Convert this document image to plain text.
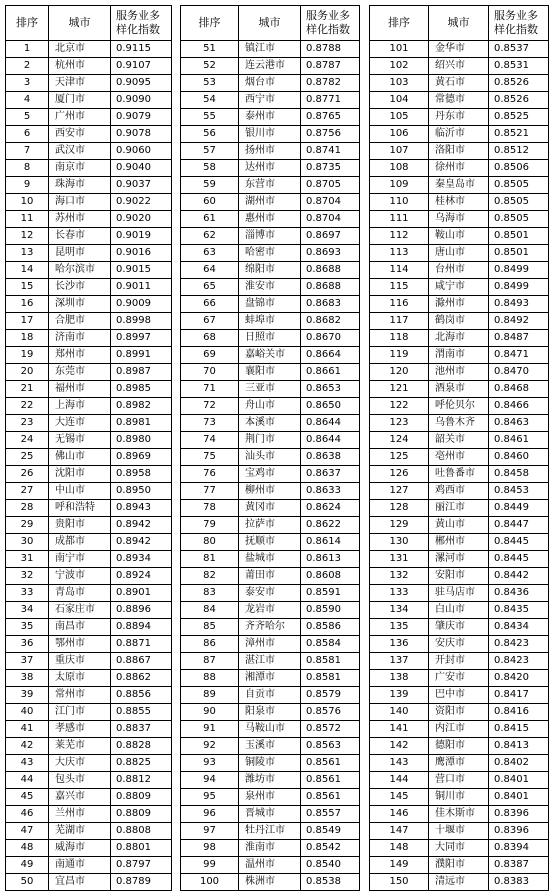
排序	城市	服务业多
样化指数
1	北京市	0.9115
2	杭州市	0.9107
3	天津市	0.9095
4	厦门市	0.9090
5	广州市	0.9079
6	西安市	0.9078
7	武汉市	0.9060
8	南京市	0.9040
9	珠海市	0.9037
10	海口市	0.9022
11	苏州市	0.9020
12	长春市	0.9019
13	昆明市	0.9016
14	哈尔滨市	0.9015
15	长沙市	0.9011
16	深圳市	0.9009
17	合肥市	0.8998
18	济南市	0.8997
19	郑州市	0.8991
20	东莞市	0.8987
21	福州市	0.8985
22	上海市	0.8982
23	大连市	0.8981
24	无锡市	0.8980
25	佛山市	0.8969
26	沈阳市	0.8958
27	中山市	0.8950
28	呼和浩特	0.8943
29	贵阳市	0.8942
30	成都市	0.8942
31	南宁市	0.8934
32	宁波市	0.8924
33	青岛市	0.8901
34	石家庄市	0.8896
35	南昌市	0.8894
36	鄂州市	0.8871
37	重庆市	0.8867
38	太原市	0.8862
39	常州市	0.8856
40	江门市	0.8855
41	孝感市	0.8837
42	莱芜市	0.8828
43	大庆市	0.8825
44	包头市	0.8812
45	嘉兴市	0.8809
46	兰州市	0.8809
47	芜湖市	0.8808
48	威海市	0.8801
49	南通市	0.8797
50	宜昌市	0.8789
排序	城市	服务业多
样化指数
51	镇江市	0.8788
52	连云港市	0.8787
53	烟台市	0.8782
54	西宁市	0.8771
55	泰州市	0.8765
56	银川市	0.8756
57	扬州市	0.8741
58	达州市	0.8735
59	东营市	0.8705
60	湖州市	0.8704
61	惠州市	0.8704
62	淄博市	0.8697
63	哈密市	0.8693
64	绵阳市	0.8688
65	淮安市	0.8688
66	盘锦市	0.8683
67	蚌埠市	0.8682
68	日照市	0.8670
69	嘉峪关市	0.8664
70	襄阳市	0.8661
71	三亚市	0.8653
72	舟山市	0.8650
73	本溪市	0.8644
74	荆门市	0.8644
75	汕头市	0.8638
76	宝鸡市	0.8637
77	柳州市	0.8633
78	黄冈市	0.8624
79	拉萨市	0.8622
80	抚顺市	0.8614
81	盐城市	0.8613
82	莆田市	0.8608
83	泰安市	0.8591
84	龙岩市	0.8590
85	齐齐哈尔	0.8586
86	漳州市	0.8584
87	湛江市	0.8581
88	湘潭市	0.8581
89	自贡市	0.8579
90	阳泉市	0.8576
91	马鞍山市	0.8572
92	玉溪市	0.8563
93	铜陵市	0.8561
94	潍坊市	0.8561
95	泉州市	0.8561
96	晋城市	0.8557
97	牡丹江市	0.8549
98	淮南市	0.8542
99	温州市	0.8540
100	株洲市	0.8538
排序	城市	服务业多
样化指数
101	金华市	0.8537
102	绍兴市	0.8531
103	黄石市	0.8526
104	常德市	0.8526
105	丹东市	0.8525
106	临沂市	0.8521
107	洛阳市	0.8512
108	徐州市	0.8506
109	秦皇岛市	0.8505
110	桂林市	0.8505
111	乌海市	0.8505
112	鞍山市	0.8501
113	唐山市	0.8501
114	台州市	0.8499
115	咸宁市	0.8499
116	滁州市	0.8493
117	鹤岗市	0.8492
118	北海市	0.8487
119	渭南市	0.8471
120	池州市	0.8470
121	酒泉市	0.8468
122	呼伦贝尔	0.8466
123	乌鲁木齐	0.8463
124	韶关市	0.8461
125	亳州市	0.8460
126	吐鲁番市	0.8458
127	鸡西市	0.8453
128	丽江市	0.8449
129	黄山市	0.8447
130	郴州市	0.8445
131	漯河市	0.8445
132	安阳市	0.8442
133	驻马店市	0.8436
134	白山市	0.8435
135	肇庆市	0.8434
136	安庆市	0.8423
137	开封市	0.8423
138	广安市	0.8420
139	巴中市	0.8417
140	资阳市	0.8416
141	内江市	0.8415
142	德阳市	0.8413
143	鹰潭市	0.8402
144	营口市	0.8401
145	铜川市	0.8401
146	佳木斯市	0.8396
147	十堰市	0.8396
148	大同市	0.8394
149	濮阳市	0.8387
150	清远市	0.8383
